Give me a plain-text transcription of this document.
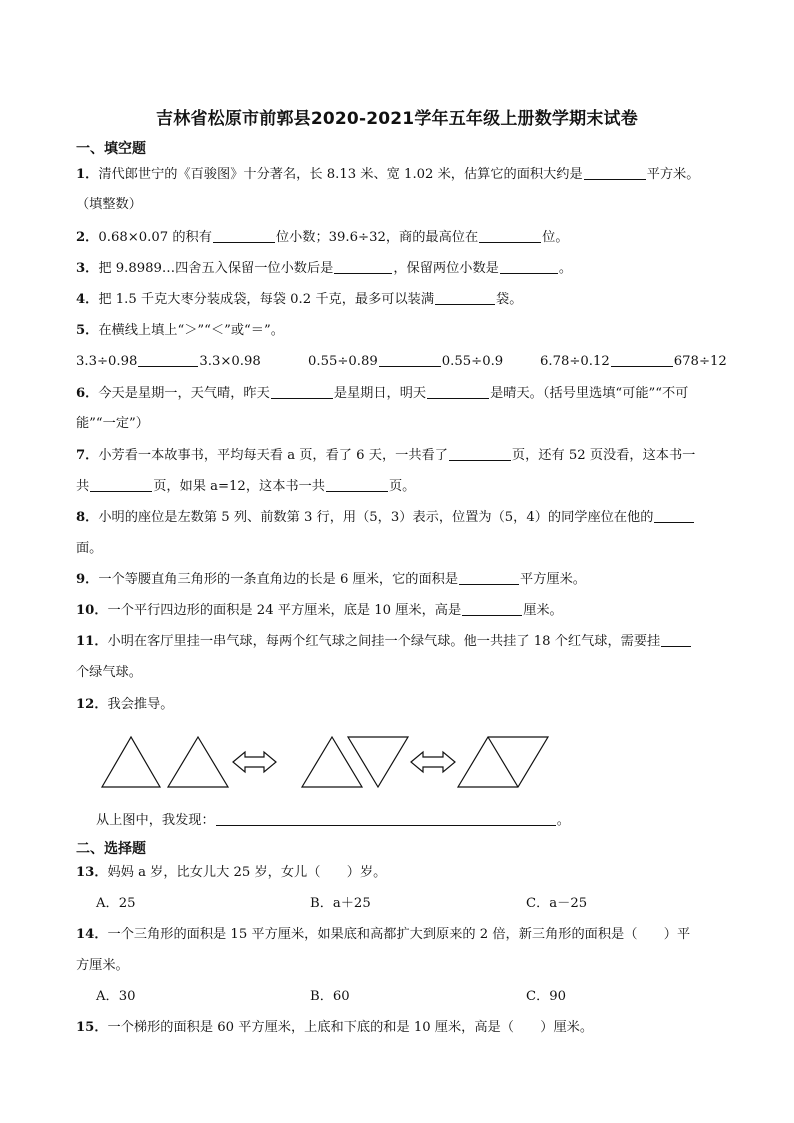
吉林省松原市前郭县2020-2021学年五年级上册数学期末试卷
一、填空题
1．清代郎世宁的《百骏图》十分著名，长 8.13 米、宽 1.02 米，估算它的面积大约是	平方米。
（填整数）
2．0.68×0.07 的积有	位小数；39.6÷32，商的最高位在	位。
3．把 9.8989…四舍五入保留一位小数后是	，保留两位小数是	。
4．把 1.5 千克大枣分装成袋，每袋 0.2 千克，最多可以装满	袋。
5．在横线上填上“＞”“＜”或“＝”。
3.3÷0.98	3.3×0.98	0.55÷0.89	0.55÷0.9	6.78÷0.12	678÷12
6．今天是星期一，天气晴，昨天	是星期日，明天	是晴天。（括号里选填“可能”“不可
能”“一定”）
7．小芳看一本故事书，平均每天看 a 页，看了 6 天，一共看了	页，还有 52 页没看，这本书一
共	页，如果 a=12，这本书一共	页。
8．小明的座位是左数第 5 列、前数第 3 行，用（5，3）表示，位置为（5，4）的同学座位在他的
面。
9．一个等腰直角三角形的一条直角边的长是 6 厘米，它的面积是	平方厘米。
10．一个平行四边形的面积是 24 平方厘米，底是 10 厘米，高是	厘米。
11．小明在客厅里挂一串气球，每两个红气球之间挂一个绿气球。他一共挂了 18 个红气球，需要挂
个绿气球。
12．我会推导。
从上图中，我发现：	。
二、选择题
13．妈妈 a 岁，比女儿大 25 岁，女儿（　　）岁。
A．25	B．a＋25	C．a－25
14．一个三角形的面积是 15 平方厘米，如果底和高都扩大到原来的 2 倍，新三角形的面积是（　　）平
方厘米。
A．30	B．60	C．90
15．一个梯形的面积是 60 平方厘米，上底和下底的和是 10 厘米，高是（　　）厘米。
